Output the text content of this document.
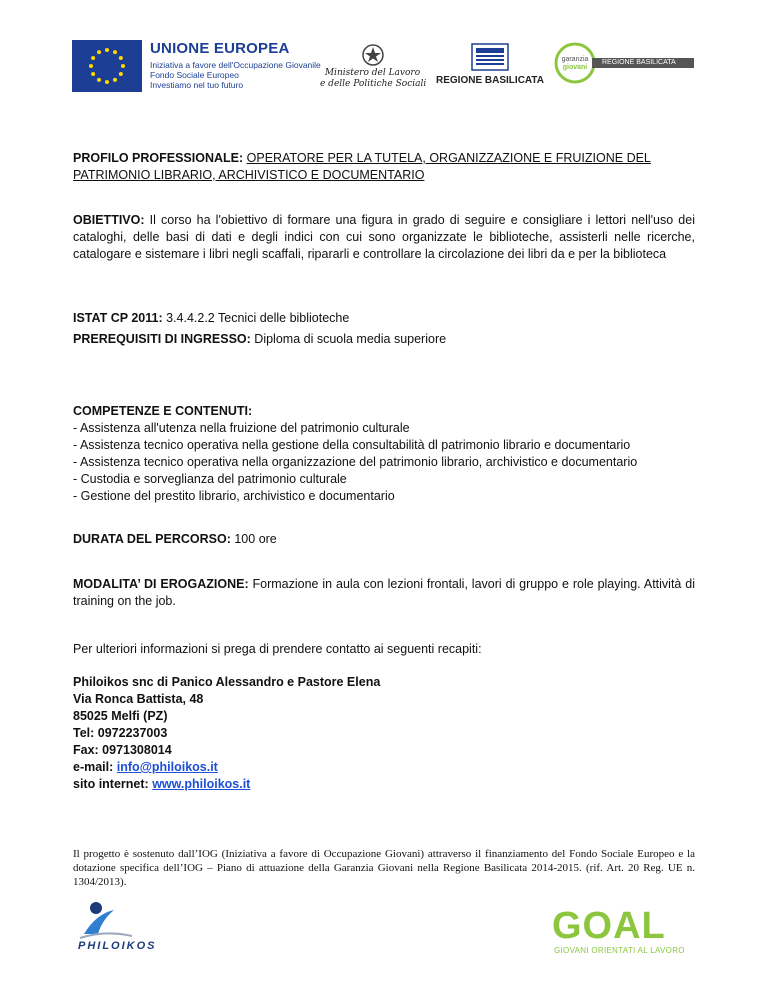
UNIONE EUROPEA
Iniziativa a favore dell'Occupazione Giovanile
Fondo Sociale Europeo
Investiamo nel tuo futuro
Ministero del Lavoro
e delle Politiche Sociali REGIONE BASILICATA
garanzia
giovani
REGIONE BASILICATA
PROFILO PROFESSIONALE: OPERATORE PER LA TUTELA, ORGANIZZAZIONE E FRUIZIONE DEL
PATRIMONIO LIBRARIO, ARCHIVISTICO E DOCUMENTARIO
OBIETTIVO: Il corso ha l'obiettivo di formare una figura in grado di seguire e consigliare i lettori nell'uso dei cataloghi, delle basi di dati e degli indici con cui sono organizzate le biblioteche, assisterli nelle ricerche, catalogare e sistemare i libri negli scaffali, ripararli e controllare la circolazione dei libri da e per la biblioteca
ISTAT CP 2011: 3.4.4.2.2 Tecnici delle biblioteche
PREREQUISITI DI INGRESSO: Diploma di scuola media superiore
COMPETENZE E CONTENUTI:
- Assistenza all'utenza nella fruizione del patrimonio culturale
- Assistenza tecnico operativa nella gestione della consultabilità dl patrimonio librario e documentario
- Assistenza tecnico operativa nella organizzazione del patrimonio librario, archivistico e documentario
- Custodia e sorveglianza del patrimonio culturale
- Gestione del prestito librario, archivistico e documentario
DURATA DEL PERCORSO: 100 ore
MODALITA’ DI EROGAZIONE: Formazione in aula con lezioni frontali, lavori di gruppo e role playing. Attività di training on the job.
Per ulteriori informazioni si prega di prendere contatto ai seguenti recapiti:
Philoikos snc di Panico Alessandro e Pastore Elena
Via Ronca Battista, 48
85025 Melfi (PZ)
Tel: 0972237003
Fax: 0971308014
e-mail: info@philoikos.it
sito internet: www.philoikos.it
Il progetto è sostenuto dall’IOG (Iniziativa a favore di Occupazione Giovani) attraverso il finanziamento del Fondo Sociale Europeo e la dotazione specifica dell’IOG – Piano di attuazione della Garanzia Giovani nella Regione Basilicata 2014-2015. (rif. Art. 20 Reg. UE n. 1304/2013).
PHILOIKOS	GOAL
GIOVANI ORIENTATI AL LAVORO
